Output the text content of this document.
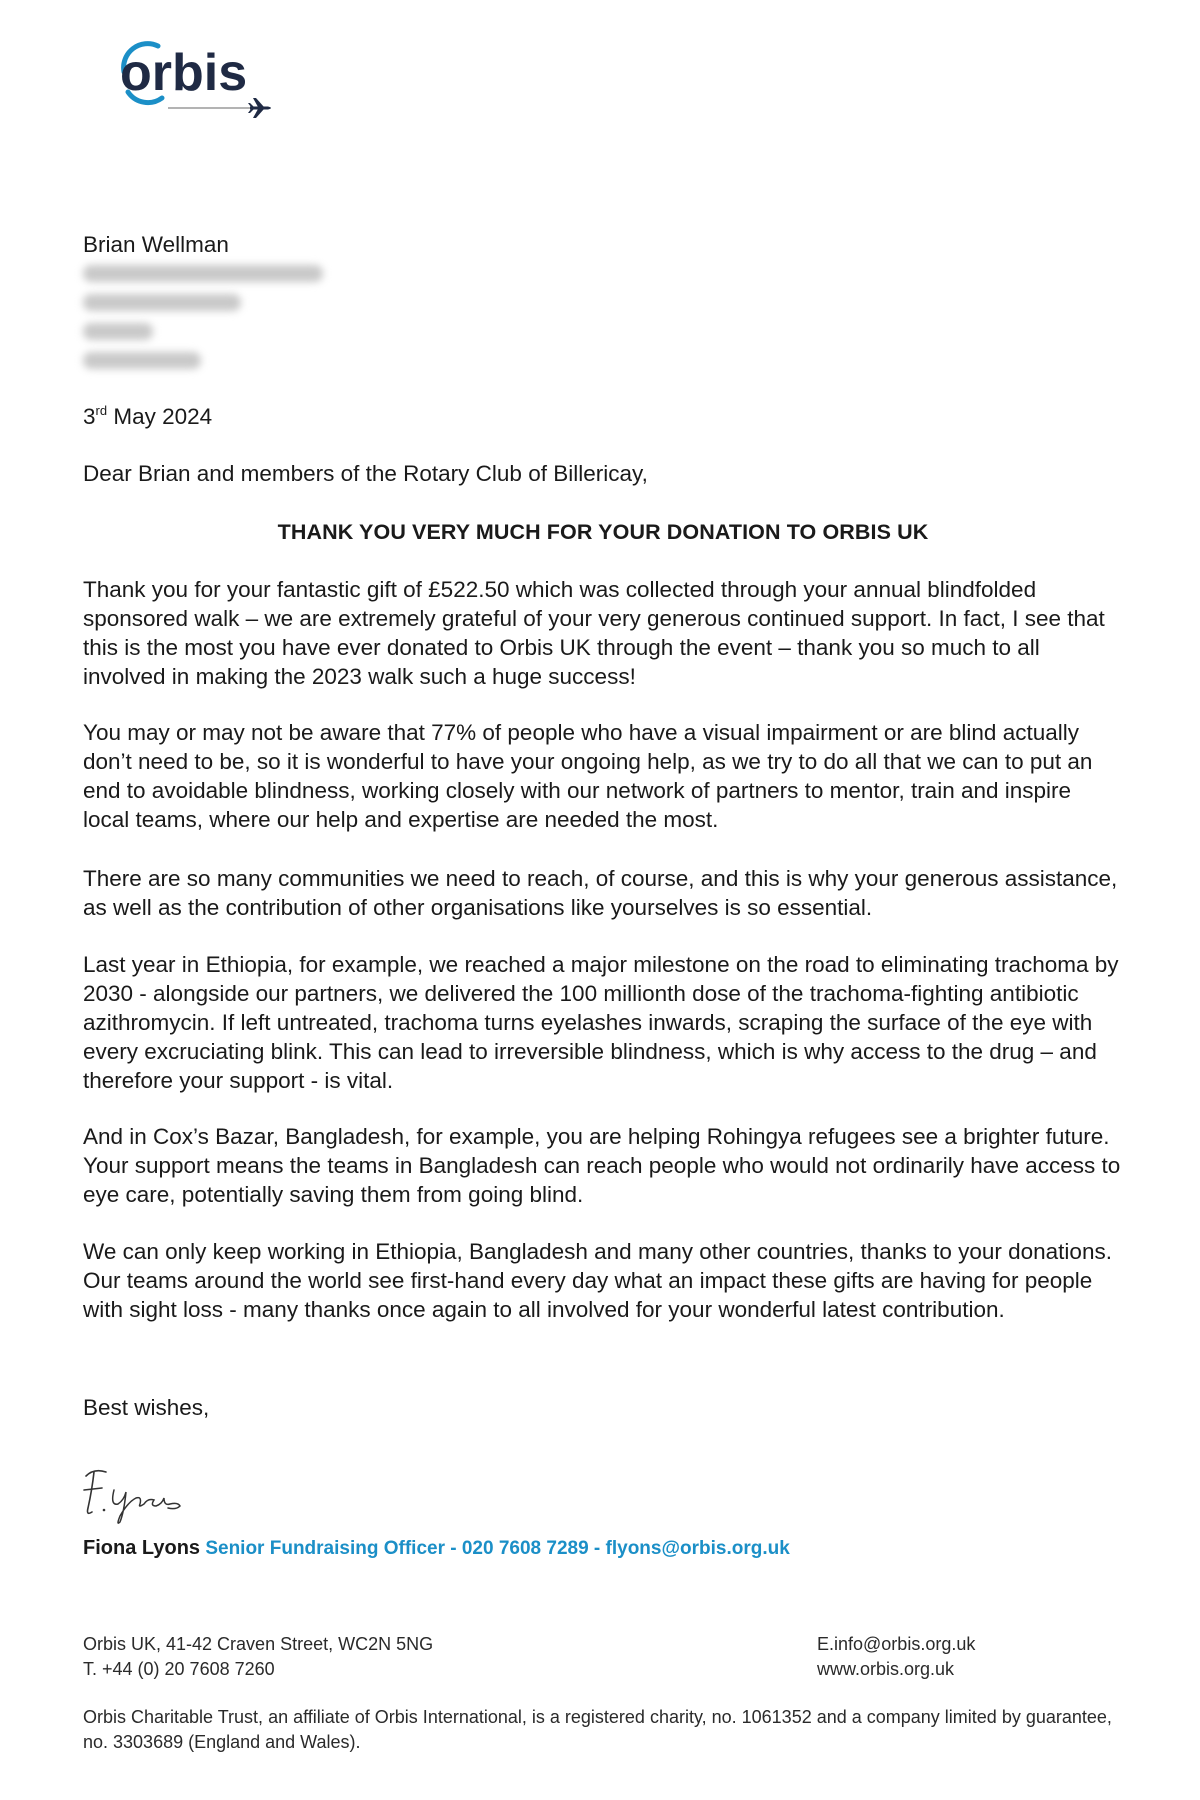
orbis
Brian Wellman
3rd May 2024
Dear Brian and members of the Rotary Club of Billericay,
THANK YOU VERY MUCH FOR YOUR DONATION TO ORBIS UK

Thank you for your fantastic gift of £522.50 which was collected through your annual blindfolded sponsored walk – we are extremely grateful of your very generous continued support. In fact, I see that this is the most you have ever donated to Orbis UK through the event – thank you so much to all involved in making the 2023 walk such a huge success!

You may or may not be aware that 77% of people who have a visual impairment or are blind actually don’t need to be, so it is wonderful to have your ongoing help, as we try to do all that we can to put an end to avoidable blindness, working closely with our network of partners to mentor, train and inspire local teams, where our help and expertise are needed the most.

There are so many communities we need to reach, of course, and this is why your generous assistance, as well as the contribution of other organisations like yourselves is so essential.

Last year in Ethiopia, for example, we reached a major milestone on the road to eliminating trachoma by 2030 - alongside our partners, we delivered the 100 millionth dose of the trachoma-fighting antibiotic azithromycin. If left untreated, trachoma turns eyelashes inwards, scraping the surface of the eye with every excruciating blink. This can lead to irreversible blindness, which is why access to the drug – and therefore your support - is vital.

And in Cox’s Bazar, Bangladesh, for example, you are helping Rohingya refugees see a brighter future. Your support means the teams in Bangladesh can reach people who would not ordinarily have access to eye care, potentially saving them from going blind.

We can only keep working in Ethiopia, Bangladesh and many other countries, thanks to your donations. Our teams around the world see first-hand every day what an impact these gifts are having for people with sight loss - many thanks once again to all involved for your wonderful latest contribution.

Best wishes,
Fiona Lyons Senior Fundraising Officer - 020 7608 7289 - flyons@orbis.org.uk
Orbis UK, 41-42 Craven Street, WC2N 5NG
T. +44 (0) 20 7608 7260
E.info@orbis.org.uk
www.orbis.org.uk
Orbis Charitable Trust, an affiliate of Orbis International, is a registered charity, no. 1061352 and a company limited by guarantee, no. 3303689 (England and Wales).
